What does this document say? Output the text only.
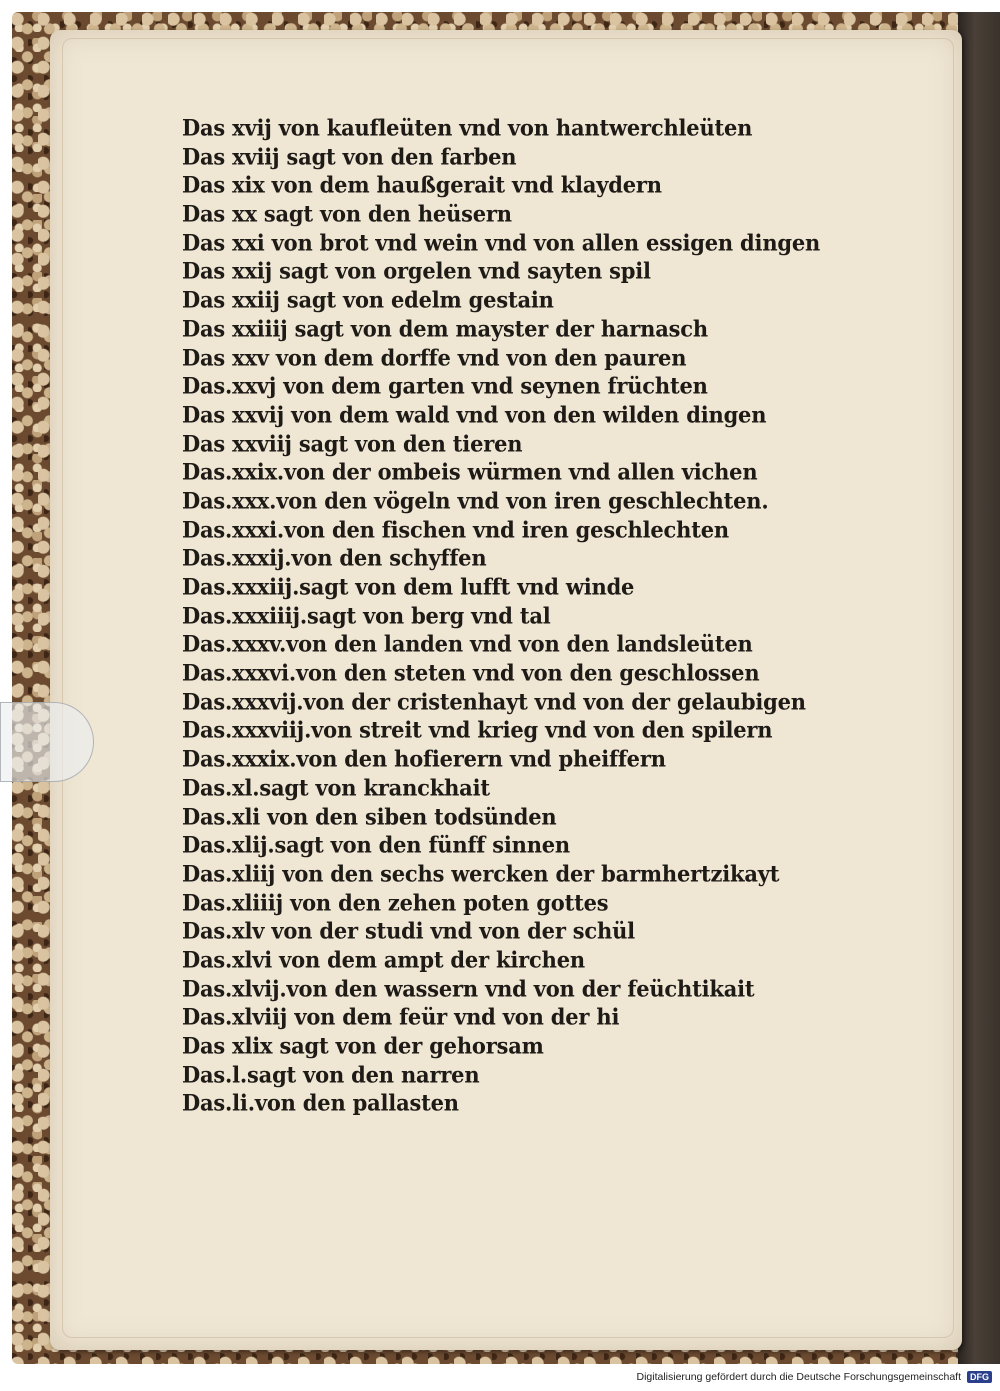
Das xvij von kaufleüten vnd von hantwerchleüten
Das xviij sagt von den farben
Das xix von dem haußgerait vnd klaydern
Das xx sagt von den heüsern
Das xxi von brot vnd wein vnd von allen essigen dingen
Das xxij sagt von orgelen vnd sayten spil
Das xxiij sagt von edelm gestain
Das xxiiij sagt von dem mayster der harnasch
Das xxv von dem dorffe vnd von den pauren
Das.xxvj von dem garten vnd seynen früchten
Das xxvij von dem wald vnd von den wilden dingen
Das xxviij sagt von den tieren
Das.xxix.von der ombeis würmen vnd allen vichen
Das.xxx.von den vögeln vnd von iren geschlechten.
Das.xxxi.von den fischen vnd iren geschlechten
Das.xxxij.von den schyffen
Das.xxxiij.sagt von dem lufft vnd winde
Das.xxxiiij.sagt von berg vnd tal
Das.xxxv.von den landen vnd von den landsleüten
Das.xxxvi.von den steten vnd von den geschlossen
Das.xxxvij.von der cristenhayt vnd von der gelaubigen
Das.xxxviij.von streit vnd krieg vnd von den spilern
Das.xxxix.von den hofierern vnd pheiffern
Das.xl.sagt von kranckhait
Das.xli von den siben todsünden
Das.xlij.sagt von den fünff sinnen
Das.xliij von den sechs wercken der barmhertzikayt
Das.xliiij von den zehen poten gottes
Das.xlv von der studi vnd von der schül
Das.xlvi von dem ampt der kirchen
Das.xlvij.von den wassern vnd von der feüchtikait
Das.xlviij von dem feür vnd von der hi
Das xlix sagt von der gehorsam
Das.l.sagt von den narren
Das.li.von den pallasten
Digitalisierung gefördert durch die Deutsche Forschungsgemeinschaft	DFG
